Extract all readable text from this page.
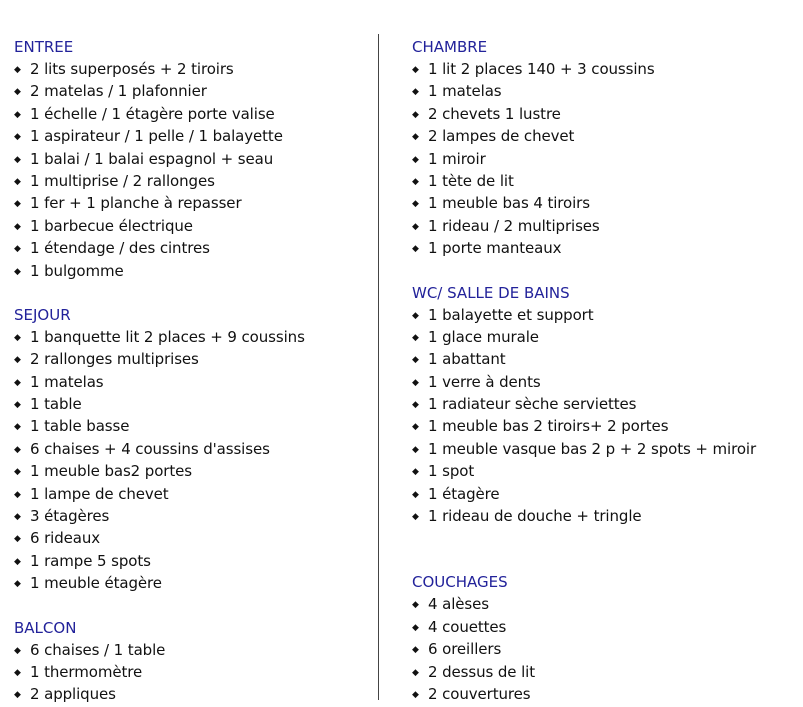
ENTREE
◆ 2 lits superposés + 2 tiroirs
◆ 2 matelas / 1 plafonnier
◆ 1 échelle / 1 étagère porte valise
◆ 1 aspirateur / 1 pelle / 1 balayette
◆ 1 balai / 1 balai espagnol + seau
◆ 1 multiprise / 2 rallonges
◆ 1 fer + 1 planche à repasser
◆ 1 barbecue électrique
◆ 1 étendage / des cintres
◆ 1 bulgomme
SEJOUR
◆ 1 banquette lit 2 places + 9 coussins
◆ 2 rallonges multiprises
◆ 1 matelas
◆ 1 table
◆ 1 table basse
◆ 6 chaises + 4 coussins d'assises
◆ 1 meuble bas2 portes
◆ 1 lampe de chevet
◆ 3 étagères
◆ 6 rideaux
◆ 1 rampe 5 spots
◆ 1 meuble étagère
BALCON
◆ 6 chaises / 1 table
◆ 1 thermomètre
◆ 2 appliques
CHAMBRE
◆ 1 lit 2 places 140 + 3 coussins
◆ 1 matelas
◆ 2 chevets 1 lustre
◆ 2 lampes de chevet
◆ 1 miroir
◆ 1 tète de lit
◆ 1 meuble bas 4 tiroirs
◆ 1 rideau / 2 multiprises
◆ 1 porte manteaux
WC/ SALLE DE BAINS
◆ 1 balayette et support
◆ 1 glace murale
◆ 1 abattant
◆ 1 verre à dents
◆ 1 radiateur sèche serviettes
◆ 1 meuble bas 2 tiroirs+ 2 portes
◆ 1 meuble vasque bas 2 p + 2 spots + miroir
◆ 1 spot
◆ 1 étagère
◆ 1 rideau de douche + tringle
COUCHAGES
◆ 4 alèses
◆ 4 couettes
◆ 6 oreillers
◆ 2 dessus de lit
◆ 2 couvertures
